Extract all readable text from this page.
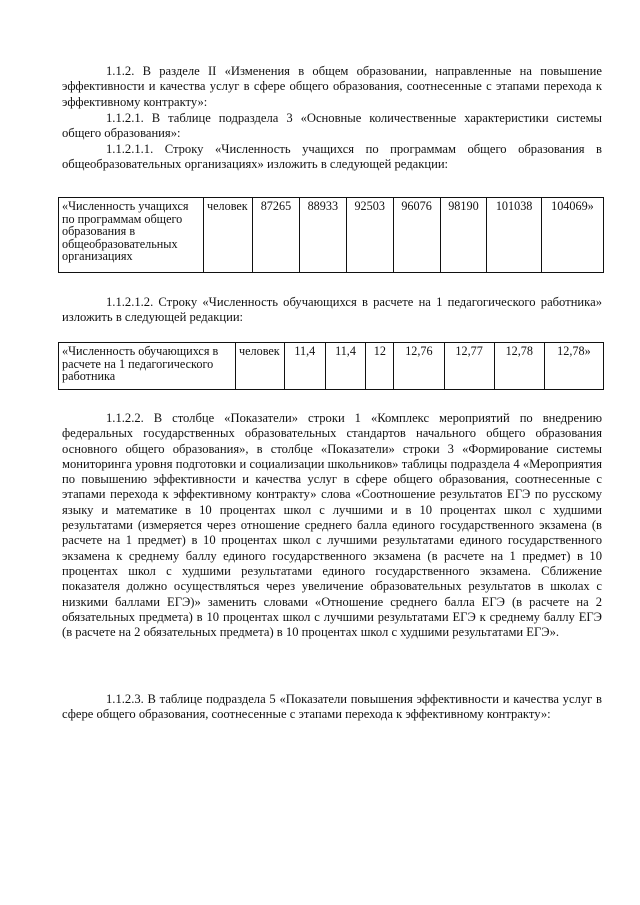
1.1.2. В разделе II «Изменения в общем образовании, направленные на повышение эффективности и качества услуг в сфере общего образования, соотнесенные с этапами перехода к эффективному контракту»:

1.1.2.1. В таблице подраздела 3 «Основные количественные характеристики системы общего образования»:

1.1.2.1.1. Строку «Численность учащихся по программам общего образования в общеобразовательных организациях» изложить в следующей редакции:

«Численность учащихся по программам общего образования в общеобразовательных организациях	человек	87265	88933	92503	96076	98190	101038	104069»

1.1.2.1.2. Строку «Численность обучающихся в расчете на 1 педагогического работника» изложить в следующей редакции:

«Численность обучающихся в расчете на 1 педагогического работника	человек	11,4	11,4	12	12,76	12,77	12,78	12,78»

1.1.2.2. В столбце «Показатели» строки 1 «Комплекс мероприятий по внедрению федеральных государственных образовательных стандартов начального общего образования основного общего образования», в столбце «Показатели» строки 3 «Формирование системы мониторинга уровня подготовки и социализации школьников» таблицы подраздела 4 «Мероприятия по повышению эффективности и качества услуг в сфере общего образования, соотнесенные с этапами перехода к эффективному контракту» слова «Соотношение результатов ЕГЭ по русскому языку и математике в 10 процентах школ с лучшими и в 10 процентах школ с худшими результатами (измеряется через отношение среднего балла единого государственного экзамена (в расчете на 1 предмет) в 10 процентах школ с лучшими результатами единого государственного экзамена к среднему баллу единого государственного экзамена (в расчете на 1 предмет) в 10 процентах школ с худшими результатами единого государственного экзамена. Сближение показателя должно осуществляться через увеличение образовательных результатов в школах с низкими баллами ЕГЭ)» заменить словами «Отношение среднего балла ЕГЭ (в расчете на 2 обязательных предмета) в 10 процентах школ с лучшими результатами ЕГЭ к среднему баллу ЕГЭ (в расчете на 2 обязательных предмета) в 10 процентах школ с худшими результатами ЕГЭ».

1.1.2.3. В таблице подраздела 5 «Показатели повышения эффективности и качества услуг в сфере общего образования, соотнесенные с этапами перехода к эффективному контракту»:
